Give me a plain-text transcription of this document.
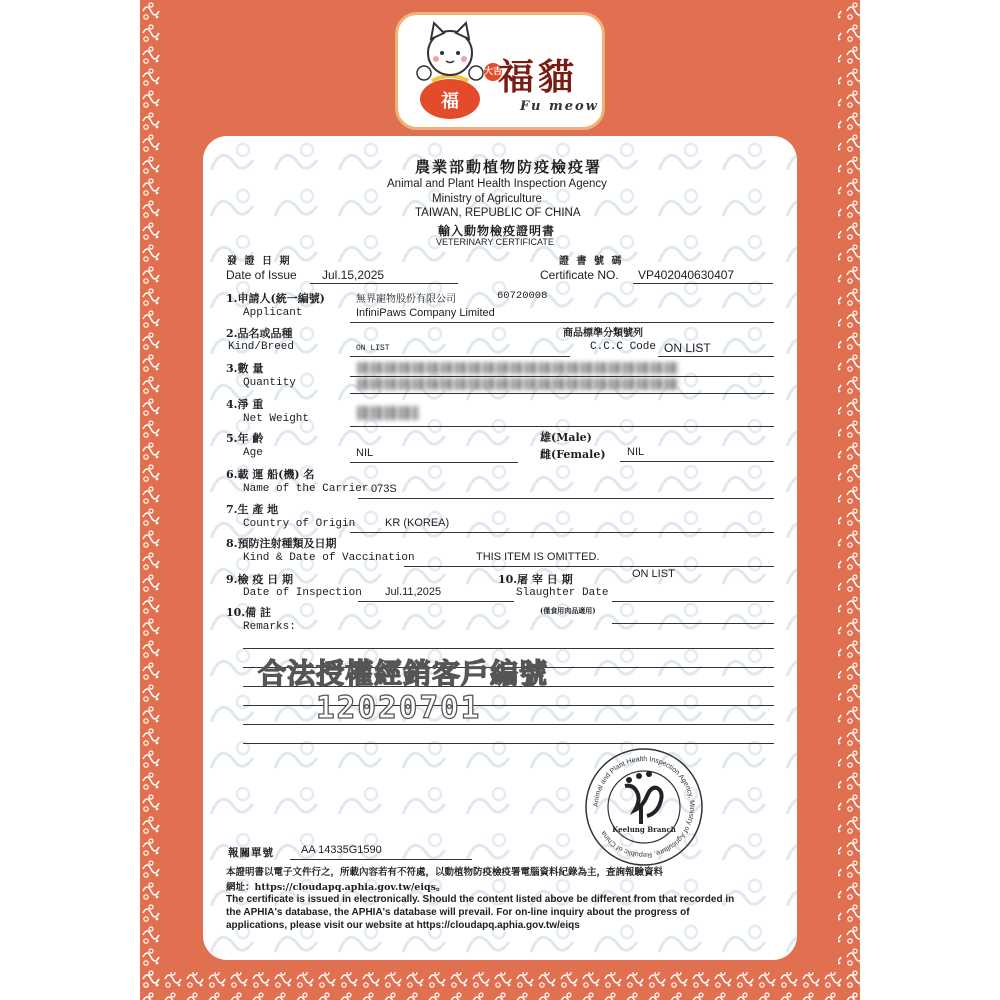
福
大吉
福貓
Fu meow
農業部動植物防疫檢疫署
Animal and Plant Health Inspection Agency
Ministry of Agriculture
TAIWAN, REPUBLIC OF CHINA
輸入動物檢疫證明書
VETERINARY CERTIFICATE
發 證 日 期
Date of Issue Jul.15,2025
證 書 號 碼
Certificate NO. VP402040630407
1.申請人(統一編號)
Applicant
無界寵物股份有限公司	60720008
InfiniPaws Company Limited
商品標準分類號列
2.品名或品種
Kind/Breed	ON LIST	C.C.C Code ON LIST
3.數 量
Quantity
4.淨 重
Net Weight
5.年 齡
Age	NIL
雄(Male)
雌(Female) NIL
6.載 運 船(機) 名
Name of the Carrier 073S
7.生 產 地
Country of Origin	KR (KOREA)
8.預防注射種類及日期
Kind & Date of Vaccination	THIS ITEM IS OMITTED.
9.檢 疫 日 期
Date of Inspection Jul.11,2025
10.屠 宰 日 期
Slaughter Date
(僅食用肉品適用)
ON LIST
10.備 註
Remarks:
合法授權經銷客戶編號
12020701
Animal and Plant Health Inspection Agency, Ministry of Agriculture, Republic of China Keelung Branch
報關單號 AA 14335G1590
本證明書以電子文件行之，所載內容若有不符處，以動植物防疫檢疫署電腦資料紀錄為主，查詢報驗資料
網址：https://cloudapq.aphia.gov.tw/eiqs。
The certificate is issued in electronically. Should the content listed above be different from that recorded in
the APHIA's database, the APHIA's database will prevail. For on-line inquiry about the progress of
applications, please visit our website at https://cloudapq.aphia.gov.tw/eiqs
